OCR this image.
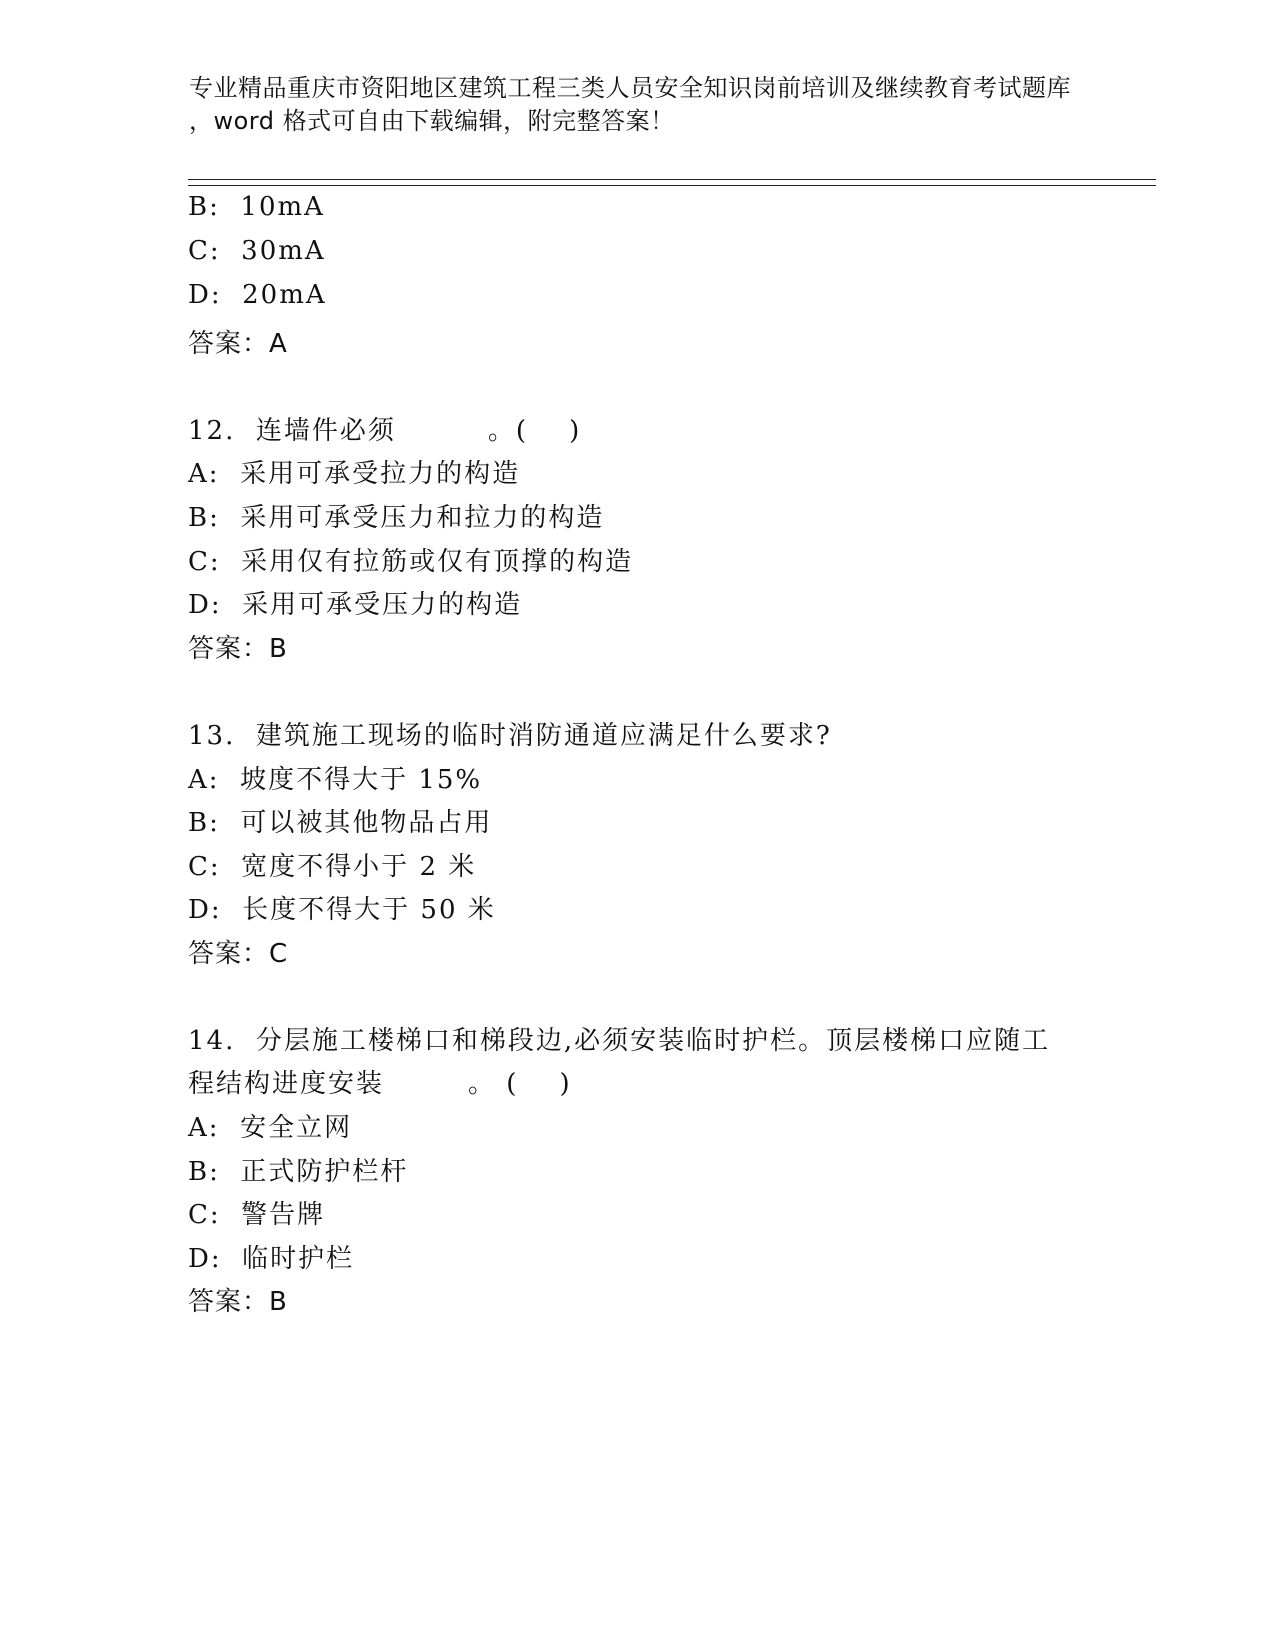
专业精品重庆市资阳地区建筑工程三类人员安全知识岗前培训及继续教育考试题库
，word 格式可自由下载编辑，附完整答案！
B:  10mA
C:  30mA
D:  20mA
答案：A
12.  连墙件必须	。(    )
A:  采用可承受拉力的构造
B:  采用可承受压力和拉力的构造
C:  采用仅有拉筋或仅有顶撑的构造
D:  采用可承受压力的构造
答案：B
13.  建筑施工现场的临时消防通道应满足什么要求?
A:  坡度不得大于 15%
B:  可以被其他物品占用
C:  宽度不得小于 2 米
D:  长度不得大于 50 米
答案：C
14.  分层施工楼梯口和梯段边,必须安装临时护栏。顶层楼梯口应随工
程结构进度安装	。 (    )
A:  安全立网
B:  正式防护栏杆
C:  警告牌
D:  临时护栏
答案：B
